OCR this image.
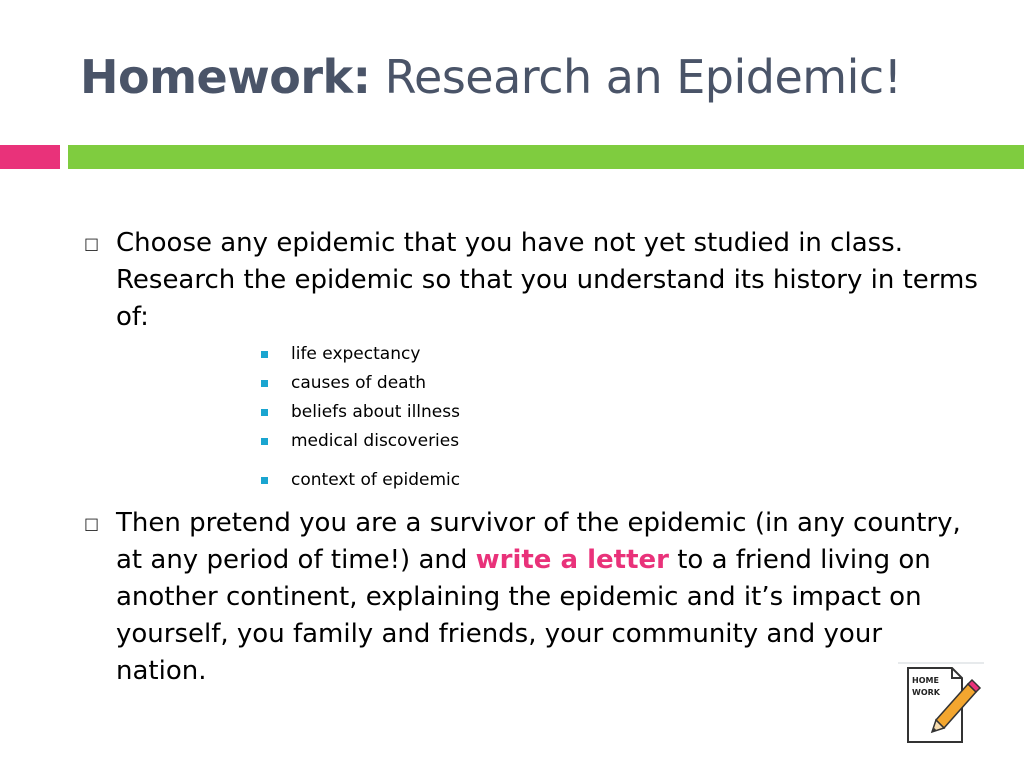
Homework: Research an Epidemic!
□ Choose any epidemic that you have not yet studied in class. Research the epidemic so that you understand its history in terms of:
life expectancy
causes of death
beliefs about illness
medical discoveries
context of epidemic
□ Then pretend you are a survivor of the epidemic (in any country, at any period of time!) and write a letter to a friend living on another continent, explaining the epidemic and it’s impact on yourself, you family and friends, your community and your nation.	HOME
WORK
